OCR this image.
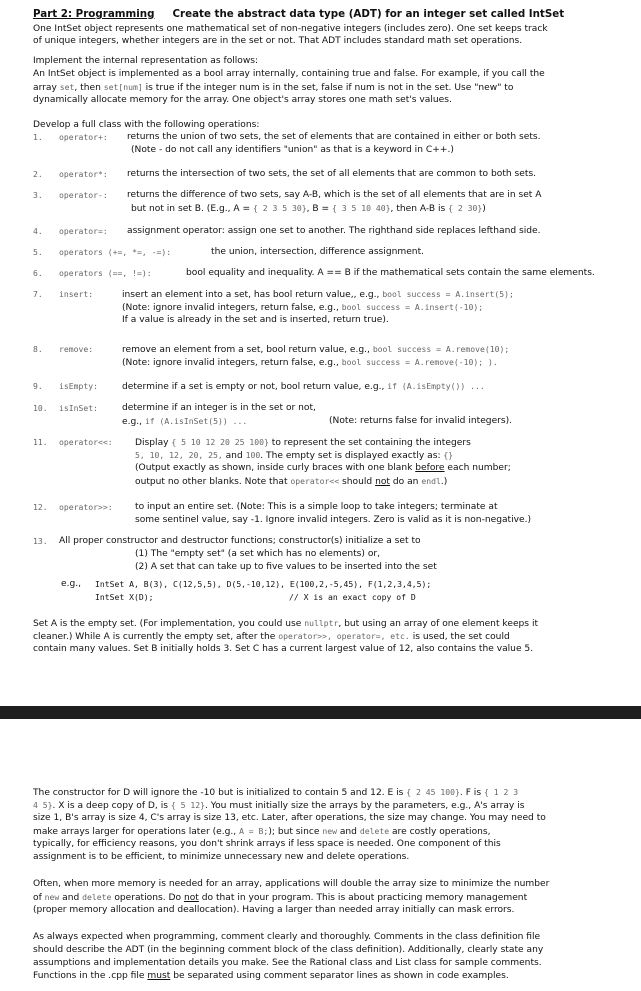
Part 2: Programming Create the abstract data type (ADT) for an integer set called IntSet
One IntSet object represents one mathematical set of non-negative integers (includes zero). One set keeps track
of unique integers, whether integers are in the set or not. That ADT includes standard math set operations.
Implement the internal representation as follows:
An IntSet object is implemented as a bool array internally, containing true and false. For example, if you call the
array set, then set[num] is true if the integer num is in the set, false if num is not in the set. Use "new" to
dynamically allocate memory for the array. One object's array stores one math set's values.
Develop a full class with the following operations:
1. operator+: returns the union of two sets, the set of elements that are contained in either or both sets.
(Note - do not call any identifiers "union" as that is a keyword in C++.)
2. operator*: returns the intersection of two sets, the set of all elements that are common to both sets.
3. operator-: returns the difference of two sets, say A-B, which is the set of all elements that are in set A
but not in set B. (E.g., A = { 2 3 5 30}, B = { 3 5 10 40}, then A-B is { 2 30})
4. operator=: assignment operator: assign one set to another. The righthand side replaces lefthand side.
5. operators (+=, *=, -=):	the union, intersection, difference assignment.
6. operators (==, !=):	bool equality and inequality. A == B if the mathematical sets contain the same elements.
7. insert:	insert an element into a set, has bool return value,, e.g., bool success = A.insert(5);
(Note: ignore invalid integers, return false, e.g., bool success = A.insert(-10);
If a value is already in the set and is inserted, return true).
8. remove:	remove an element from a set, bool return value, e.g., bool success = A.remove(10);
(Note: ignore invalid integers, return false, e.g., bool success = A.remove(-10); ).
9. isEmpty:	determine if a set is empty or not, bool return value, e.g., if (A.isEmpty()) ...
10. isInSet:	determine if an integer is in the set or not,
e.g., if (A.isInSet(5)) ...	(Note: returns false for invalid integers).
11. operator<<: Display { 5 10 12 20 25 100} to represent the set containing the integers
5, 10, 12, 20, 25, and 100. The empty set is displayed exactly as: {}
(Output exactly as shown, inside curly braces with one blank before each number;
output no other blanks. Note that operator<< should not do an endl.)
12. operator>>: to input an entire set. (Note: This is a simple loop to take integers; terminate at
some sentinel value, say -1. Ignore invalid integers. Zero is valid as it is non-negative.)
13. All proper constructor and destructor functions; constructor(s) initialize a set to
(1) The "empty set" (a set which has no elements) or,
(2) A set that can take up to five values to be inserted into the set
e.g., IntSet A, B(3), C(12,5,5), D(5,-10,12), E(100,2,-5,45), F(1,2,3,4,5);
IntSet X(D);	// X is an exact copy of D
Set A is the empty set. (For implementation, you could use nullptr, but using an array of one element keeps it
cleaner.) While A is currently the empty set, after the operator>>, operator=, etc. is used, the set could
contain many values. Set B initially holds 3. Set C has a current largest value of 12, also contains the value 5.
The constructor for D will ignore the -10 but is initialized to contain 5 and 12. E is { 2 45 100}. F is { 1 2 3
4 5}. X is a deep copy of D, is { 5 12}. You must initially size the arrays by the parameters, e.g., A's array is
size 1, B's array is size 4, C's array is size 13, etc. Later, after operations, the size may change. You may need to
make arrays larger for operations later (e.g., A = B;); but since new and delete are costly operations,
typically, for efficiency reasons, you don't shrink arrays if less space is needed. One component of this
assignment is to be efficient, to minimize unnecessary new and delete operations.
Often, when more memory is needed for an array, applications will double the array size to minimize the number
of new and delete operations. Do not do that in your program. This is about practicing memory management
(proper memory allocation and deallocation). Having a larger than needed array initially can mask errors.
As always expected when programming, comment clearly and thoroughly. Comments in the class definition file
should describe the ADT (in the beginning comment block of the class definition). Additionally, clearly state any
assumptions and implementation details you make. See the Rational class and List class for sample comments.
Functions in the .cpp file must be separated using comment separator lines as shown in code examples.
